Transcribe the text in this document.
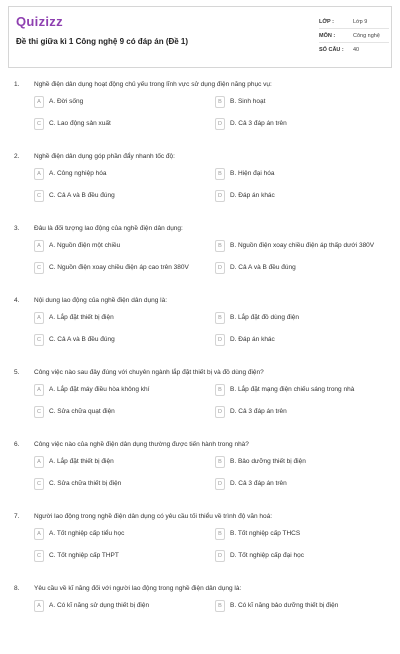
Quizizz
Đề thi giữa kì 1 Công nghệ 9 có đáp án (Đề 1)
LỚP :	Lớp 9
MÔN :	Công nghệ
SỐ CÂU : 40
1. Nghề điện dân dụng hoạt động chủ yếu trong lĩnh vực sử dụng điện năng phục vụ:
A	A. Đời sống	B	B. Sinh hoạt
C	C. Lao động sản xuất	D	D. Cả 3 đáp án trên
2. Nghề điện dân dụng góp phần đẩy nhanh tốc độ:
A	A. Công nghiệp hóa	B	B. Hiện đại hóa
C	C. Cả A và B đều đúng	D	D. Đáp án khác
3. Đâu là đối tượng lao động của nghề điện dân dụng:
A	A. Nguồn điện một chiều	B	B. Nguồn điện xoay chiều điện áp thấp dưới 380V
C	C. Nguồn điện xoay chiều điện áp cao trên 380V	D	D. Cả A và B đều đúng
4. Nội dung lao động của nghề điện dân dụng là:
A	A. Lắp đặt thiết bị điện	B	B. Lắp đặt đồ dùng điện
C	C. Cả A và B đều đúng	D	D. Đáp án khác
5. Công việc nào sau đây đúng với chuyên ngành lắp đặt thiết bị và đồ dùng điện?
A	A. Lắp đặt máy điều hòa không khí	B	B. Lắp đặt mạng điện chiếu sáng trong nhà
C	C. Sửa chữa quạt điện	D	D. Cả 3 đáp án trên
6. Công việc nào của nghề điện dân dụng thường được tiến hành trong nhà?
A	A. Lắp đặt thiết bị điện	B	B. Bảo dưỡng thiết bị điện
C	C. Sửa chữa thiết bị điện	D	D. Cả 3 đáp án trên
7. Người lao động trong nghề điện dân dụng có yêu cầu tối thiểu về trình độ văn hoá:
A	A. Tốt nghiệp cấp tiểu học	B	B. Tốt nghiệp cấp THCS
C	C. Tốt nghiệp cấp THPT	D	D. Tốt nghiệp cấp đại học
8. Yêu cầu về kĩ năng đối với người lao động trong nghề điện dân dụng là:
A	A. Có kĩ năng sử dụng thiết bị điện	B	B. Có kĩ năng bảo dưỡng thiết bị điện
